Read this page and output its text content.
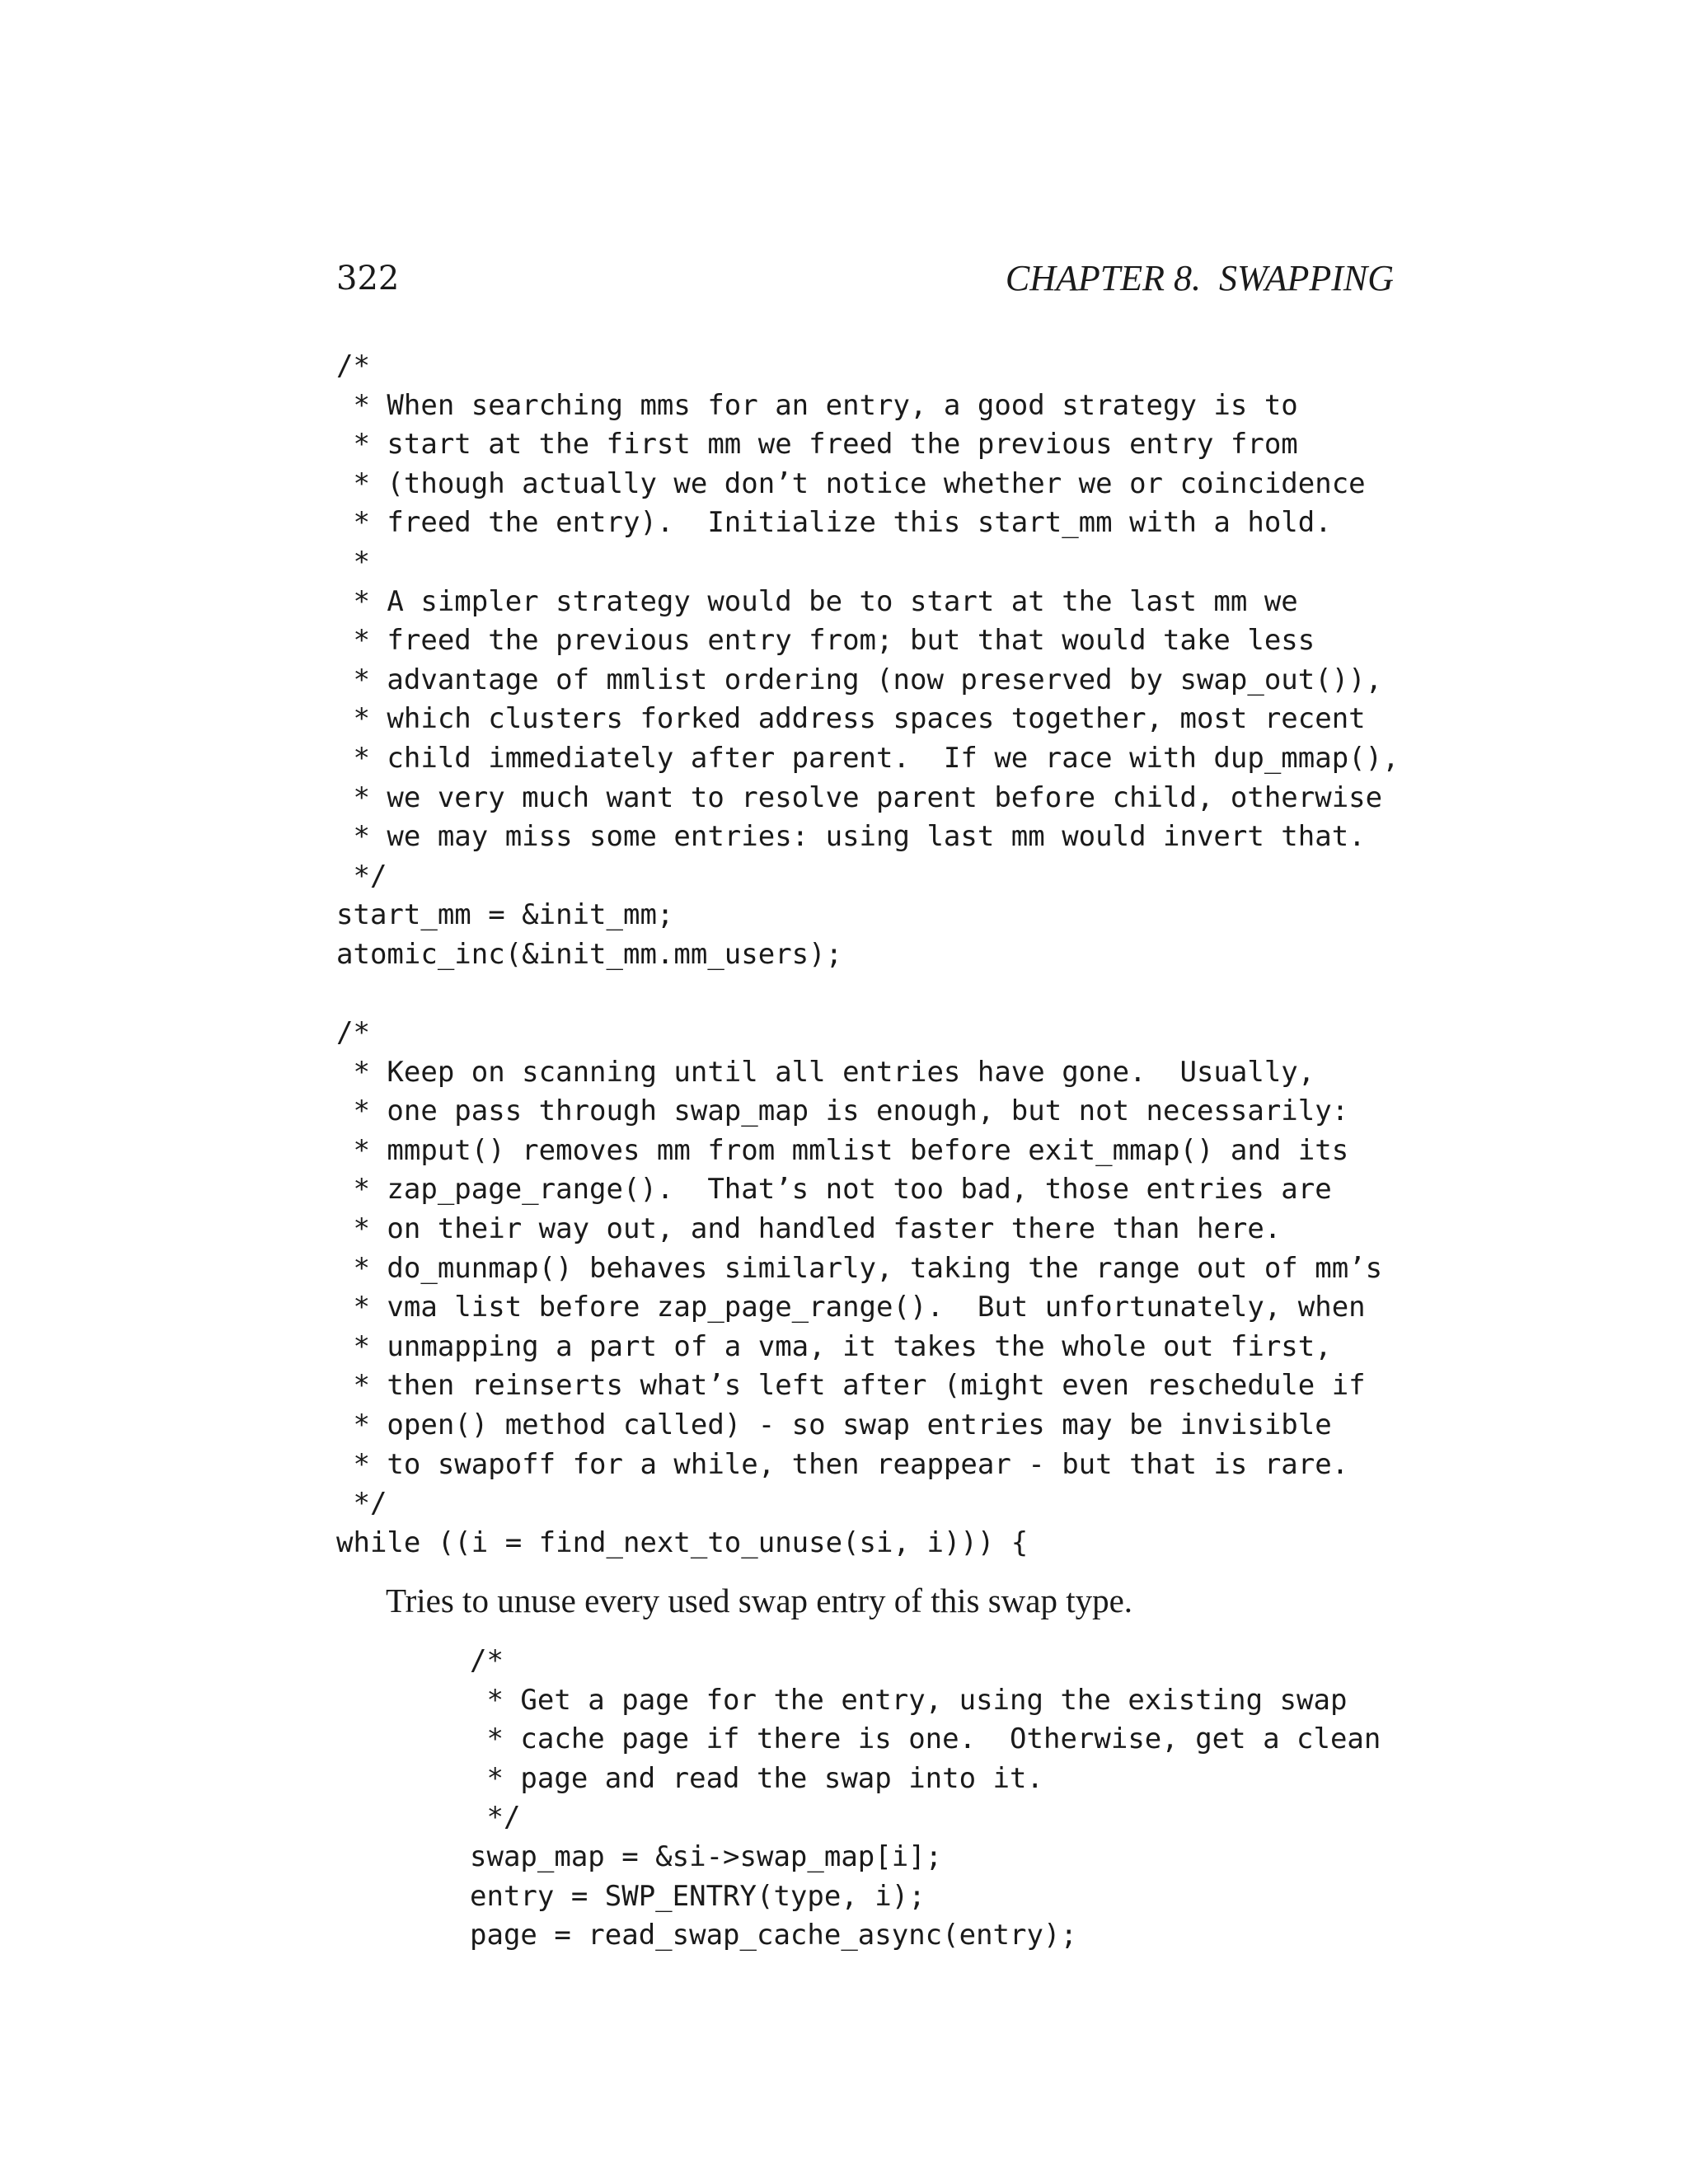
322	CHAPTER 8.  SWAPPING
/*
* When searching mms for an entry, a good strategy is to
* start at the first mm we freed the previous entry from
* (though actually we don’t notice whether we or coincidence
* freed the entry).  Initialize this start_mm with a hold.
*
* A simpler strategy would be to start at the last mm we
* freed the previous entry from; but that would take less
* advantage of mmlist ordering (now preserved by swap_out()),
* which clusters forked address spaces together, most recent
* child immediately after parent.  If we race with dup_mmap(),
* we very much want to resolve parent before child, otherwise
* we may miss some entries: using last mm would invert that.
*/
start_mm = &init_mm;
atomic_inc(&init_mm.mm_users);
/*
* Keep on scanning until all entries have gone.  Usually,
* one pass through swap_map is enough, but not necessarily:
* mmput() removes mm from mmlist before exit_mmap() and its
* zap_page_range().  That’s not too bad, those entries are
* on their way out, and handled faster there than here.
* do_munmap() behaves similarly, taking the range out of mm’s
* vma list before zap_page_range().  But unfortunately, when
* unmapping a part of a vma, it takes the whole out first,
* then reinserts what’s left after (might even reschedule if
* open() method called) - so swap entries may be invisible
* to swapoff for a while, then reappear - but that is rare.
*/
while ((i = find_next_to_unuse(si, i))) {
Tries to unuse every used swap entry of this swap type.
/*
* Get a page for the entry, using the existing swap
* cache page if there is one.  Otherwise, get a clean
* page and read the swap into it.
*/
swap_map = &si->swap_map[i];
entry = SWP_ENTRY(type, i);
page = read_swap_cache_async(entry);
